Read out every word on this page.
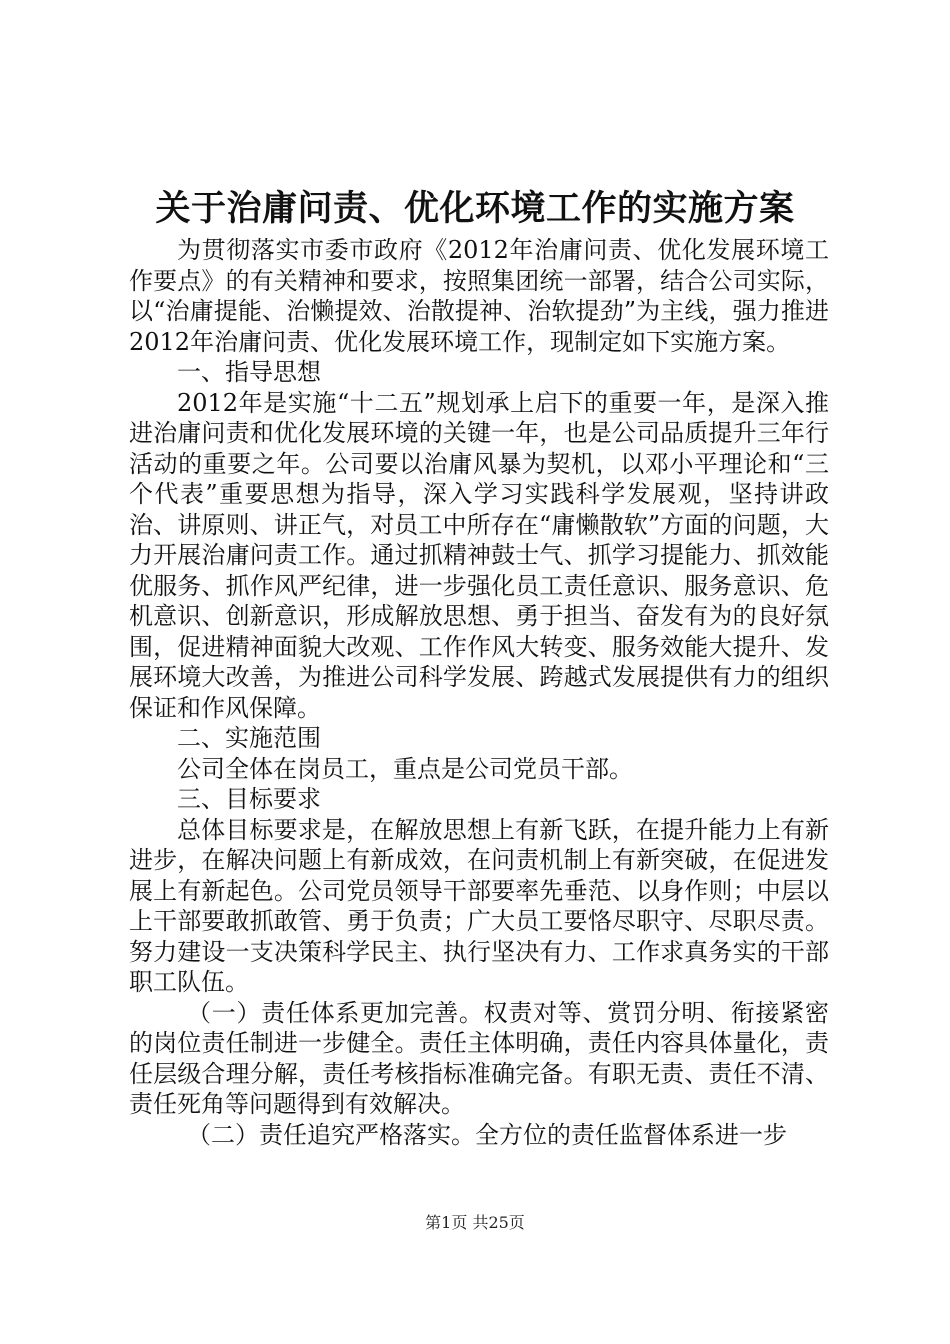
关于治庸问责、优化环境工作的实施方案

为贯彻落实市委市政府《2012年治庸问责、优化发展环境工作要点》的有关精神和要求，按照集团统一部署，结合公司实际，以“治庸提能、治懒提效、治散提神、治软提劲”为主线，强力推进2012年治庸问责、优化发展环境工作，现制定如下实施方案。

一、指导思想

2012年是实施“十二五”规划承上启下的重要一年，是深入推进治庸问责和优化发展环境的关键一年，也是公司品质提升三年行活动的重要之年。公司要以治庸风暴为契机，以邓小平理论和“三个代表”重要思想为指导，深入学习实践科学发展观，坚持讲政治、讲原则、讲正气，对员工中所存在“庸懒散软”方面的问题，大力开展治庸问责工作。通过抓精神鼓士气、抓学习提能力、抓效能优服务、抓作风严纪律，进一步强化员工责任意识、服务意识、危机意识、创新意识，形成解放思想、勇于担当、奋发有为的良好氛围，促进精神面貌大改观、工作作风大转变、服务效能大提升、发展环境大改善，为推进公司科学发展、跨越式发展提供有力的组织保证和作风保障。

二、实施范围

公司全体在岗员工，重点是公司党员干部。

三、目标要求

总体目标要求是，在解放思想上有新飞跃，在提升能力上有新进步，在解决问题上有新成效，在问责机制上有新突破，在促进发展上有新起色。公司党员领导干部要率先垂范、以身作则；中层以上干部要敢抓敢管、勇于负责；广大员工要恪尽职守、尽职尽责。努力建设一支决策科学民主、执行坚决有力、工作求真务实的干部职工队伍。

（一）责任体系更加完善。权责对等、赏罚分明、衔接紧密的岗位责任制进一步健全。责任主体明确，责任内容具体量化，责任层级合理分解，责任考核指标准确完备。有职无责、责任不清、责任死角等问题得到有效解决。

（二）责任追究严格落实。全方位的责任监督体系进一步

第1页 共25页
